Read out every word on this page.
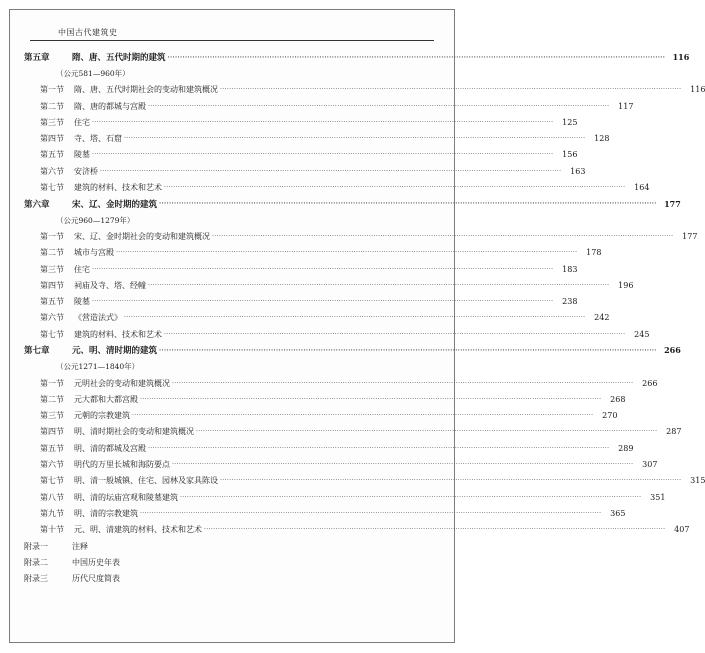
中国古代建筑史
第五章	隋、唐、五代时期的建筑 ········································································································································································································ 116
（公元581—960年）
第一节	隋、唐、五代时期社会的变动和建筑概况 ········································································································································································································	116
第二节	隋、唐的都城与宫殿 ········································································································································································································	117
第三节	住宅 ········································································································································································································	125
第四节	寺、塔、石窟 ········································································································································································································	128
第五节	陵墓 ········································································································································································································	156
第六节	安济桥 ········································································································································································································	163
第七节	建筑的材料、技术和艺术 ········································································································································································································	164
第六章	宋、辽、金时期的建筑 ········································································································································································································ 177
（公元960—1279年）
第一节	宋、辽、金时期社会的变动和建筑概况 ········································································································································································································	177
第二节	城市与宫殿 ········································································································································································································	178
第三节	住宅 ········································································································································································································	183
第四节	祠庙及寺、塔、经幢 ········································································································································································································	196
第五节	陵墓 ········································································································································································································	238
第六节	《营造法式》 ········································································································································································································	242
第七节	建筑的材料、技术和艺术 ········································································································································································································	245
第七章	元、明、清时期的建筑 ········································································································································································································ 266
（公元1271—1840年）
第一节	元明社会的变动和建筑概况 ········································································································································································································	266
第二节	元大都和大都宫殿 ········································································································································································································	268
第三节	元朝的宗教建筑 ········································································································································································································	270
第四节	明、清时期社会的变动和建筑概况 ········································································································································································································	287
第五节	明、清的都城及宫殿 ········································································································································································································	289
第六节	明代的万里长城和海防要点 ········································································································································································································	307
第七节	明、清一般城镇、住宅、园林及家具陈设 ········································································································································································································	315
第八节	明、清的坛庙宫观和陵墓建筑 ········································································································································································································	351
第九节	明、清的宗教建筑 ········································································································································································································	365
第十节	元、明、清建筑的材料、技术和艺术 ········································································································································································································	407
附录一	注释
附录二	中国历史年表
附录三	历代尺度简表
